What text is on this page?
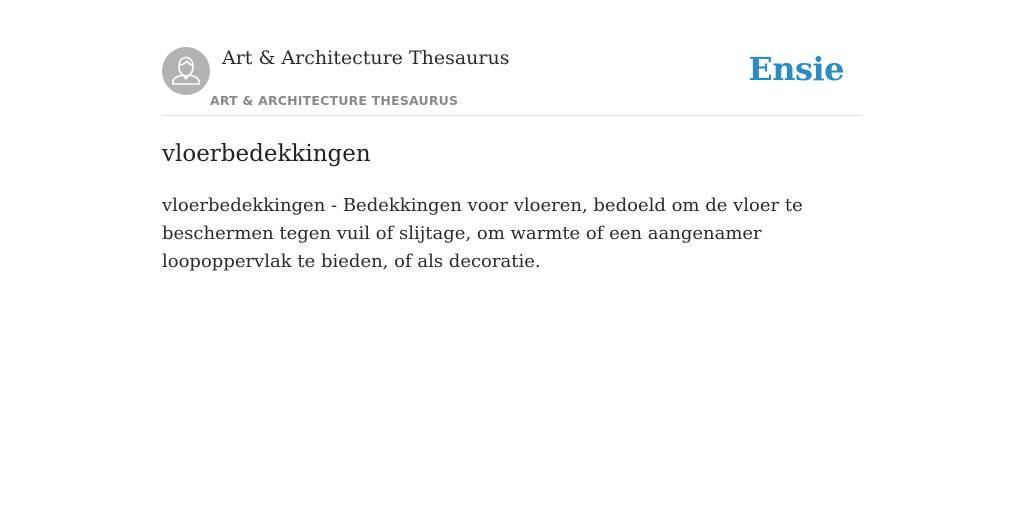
Art & Architecture Thesaurus
ART & ARCHITECTURE THESAURUS
Ensie
vloerbedekkingen

vloerbedekkingen - Bedekkingen voor vloeren, bedoeld om de vloer te beschermen tegen vuil of slijtage, om warmte of een aangenamer loopoppervlak te bieden, of als decoratie.
